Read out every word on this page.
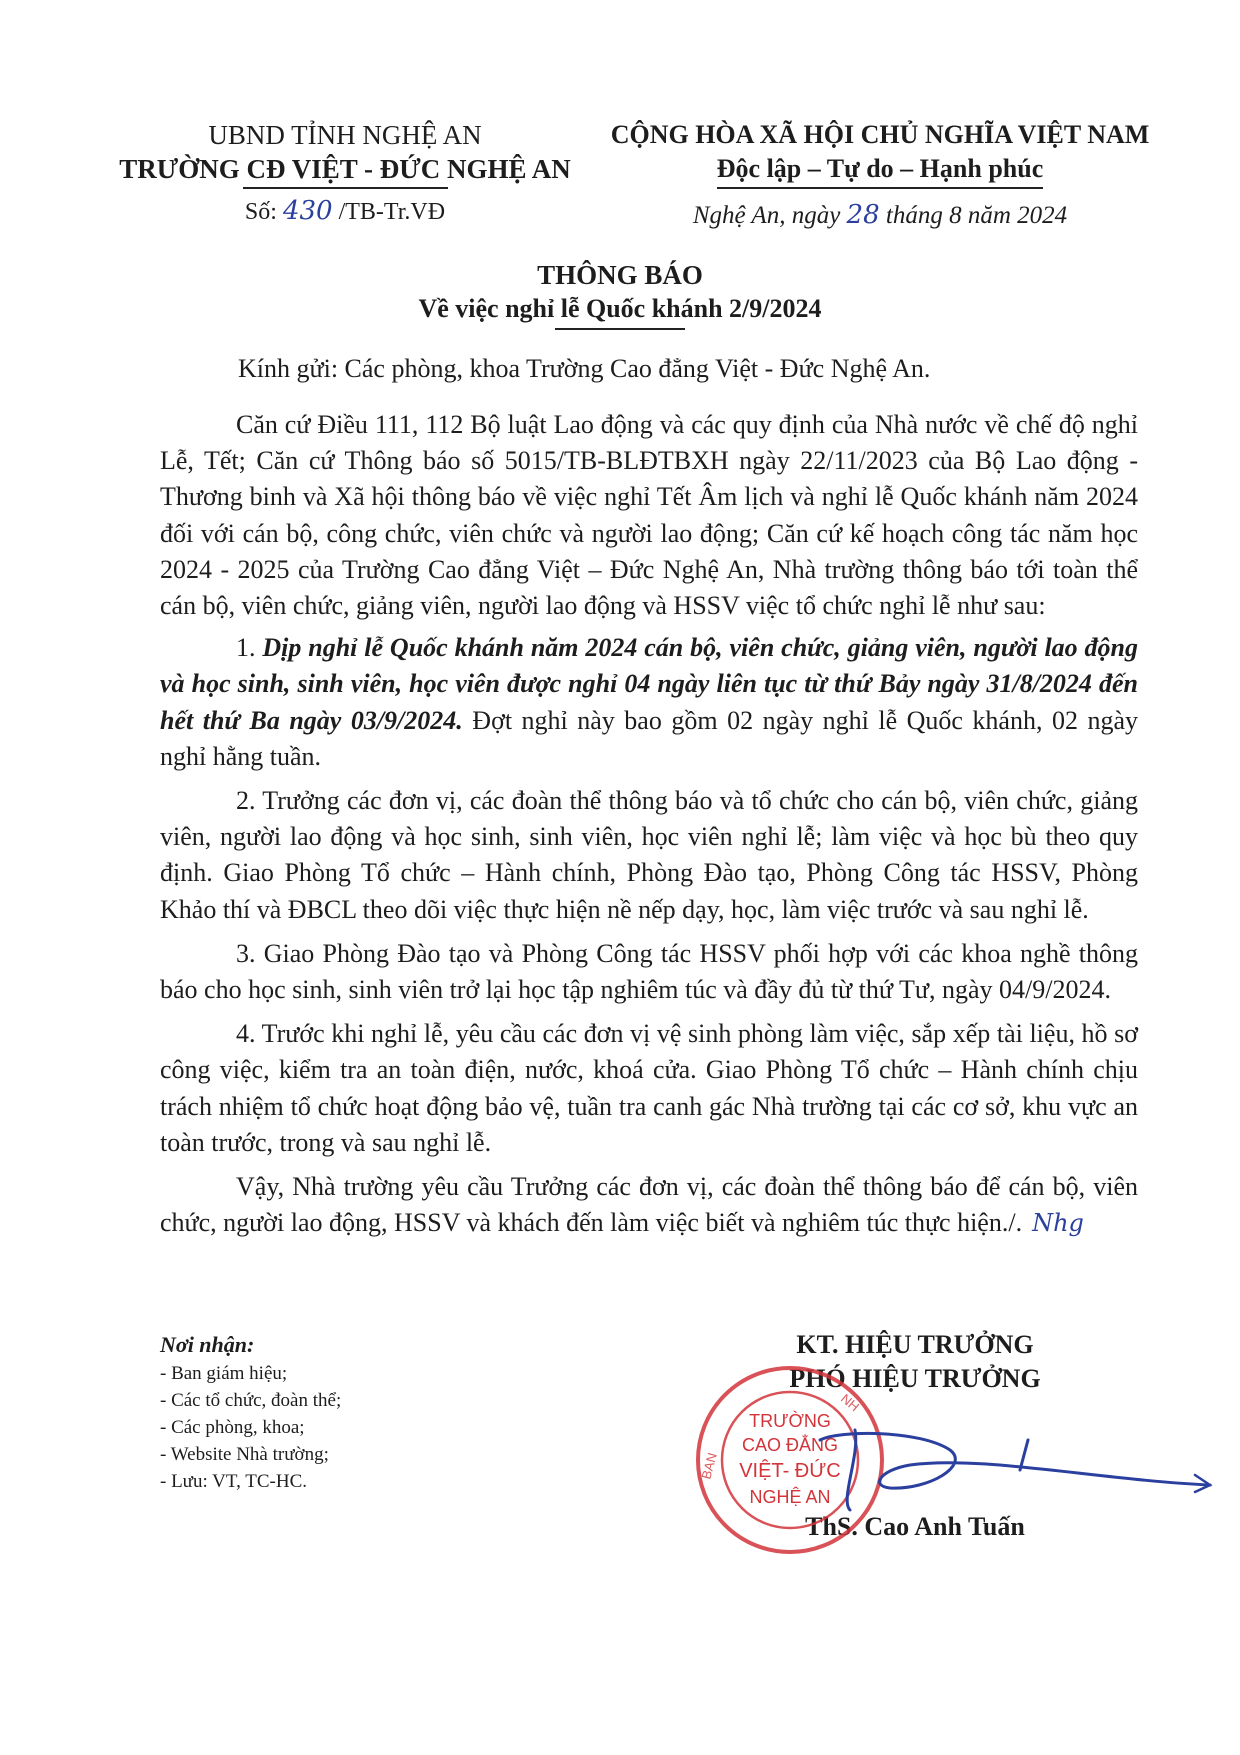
UBND TỈNH NGHỆ AN
TRƯỜNG CĐ VIỆT - ĐỨC NGHỆ AN
Số: 430 /TB-Tr.VĐ
CỘNG HÒA XÃ HỘI CHỦ NGHĨA VIỆT NAM
Độc lập – Tự do – Hạnh phúc
Nghệ An, ngày 28 tháng 8 năm 2024
THÔNG BÁO
Về việc nghỉ lễ Quốc khánh 2/9/2024
Kính gửi: Các phòng, khoa Trường Cao đẳng Việt - Đức Nghệ An.

Căn cứ Điều 111, 112 Bộ luật Lao động và các quy định của Nhà nước về chế độ nghỉ Lễ, Tết; Căn cứ Thông báo số 5015/TB-BLĐTBXH ngày 22/11/2023 của Bộ Lao động - Thương binh và Xã hội thông báo về việc nghỉ Tết Âm lịch và nghỉ lễ Quốc khánh năm 2024 đối với cán bộ, công chức, viên chức và người lao động; Căn cứ kế hoạch công tác năm học 2024 - 2025 của Trường Cao đẳng Việt – Đức Nghệ An, Nhà trường thông báo tới toàn thể cán bộ, viên chức, giảng viên, người lao động và HSSV việc tổ chức nghỉ lễ như sau:

1. Dịp nghỉ lễ Quốc khánh năm 2024 cán bộ, viên chức, giảng viên, người lao động và học sinh, sinh viên, học viên được nghỉ 04 ngày liên tục từ thứ Bảy ngày 31/8/2024 đến hết thứ Ba ngày 03/9/2024. Đợt nghỉ này bao gồm 02 ngày nghỉ lễ Quốc khánh, 02 ngày nghỉ hằng tuần.

2. Trưởng các đơn vị, các đoàn thể thông báo và tổ chức cho cán bộ, viên chức, giảng viên, người lao động và học sinh, sinh viên, học viên nghỉ lễ; làm việc và học bù theo quy định. Giao Phòng Tổ chức – Hành chính, Phòng Đào tạo, Phòng Công tác HSSV, Phòng Khảo thí và ĐBCL theo dõi việc thực hiện nề nếp dạy, học, làm việc trước và sau nghỉ lễ.

3. Giao Phòng Đào tạo và Phòng Công tác HSSV phối hợp với các khoa nghề thông báo cho học sinh, sinh viên trở lại học tập nghiêm túc và đầy đủ từ thứ Tư, ngày 04/9/2024.

4. Trước khi nghỉ lễ, yêu cầu các đơn vị vệ sinh phòng làm việc, sắp xếp tài liệu, hồ sơ công việc, kiểm tra an toàn điện, nước, khoá cửa. Giao Phòng Tổ chức – Hành chính chịu trách nhiệm tổ chức hoạt động bảo vệ, tuần tra canh gác Nhà trường tại các cơ sở, khu vực an toàn trước, trong và sau nghỉ lễ.

Vậy, Nhà trường yêu cầu Trưởng các đơn vị, các đoàn thể thông báo để cán bộ, viên chức, người lao động, HSSV và khách đến làm việc biết và nghiêm túc thực hiện./. Nhg

Nơi nhận:
- Ban giám hiệu;
- Các tổ chức, đoàn thể;
- Các phòng, khoa;
- Website Nhà trường;
- Lưu: VT, TC-HC.
KT. HIỆU TRƯỞNG
PHÓ HIỆU TRƯỞNG
ThS. Cao Anh Tuấn
BAN
NH
TRƯỜNG
CAO ĐẲNG
VIỆT- ĐỨC
NGHỆ AN
